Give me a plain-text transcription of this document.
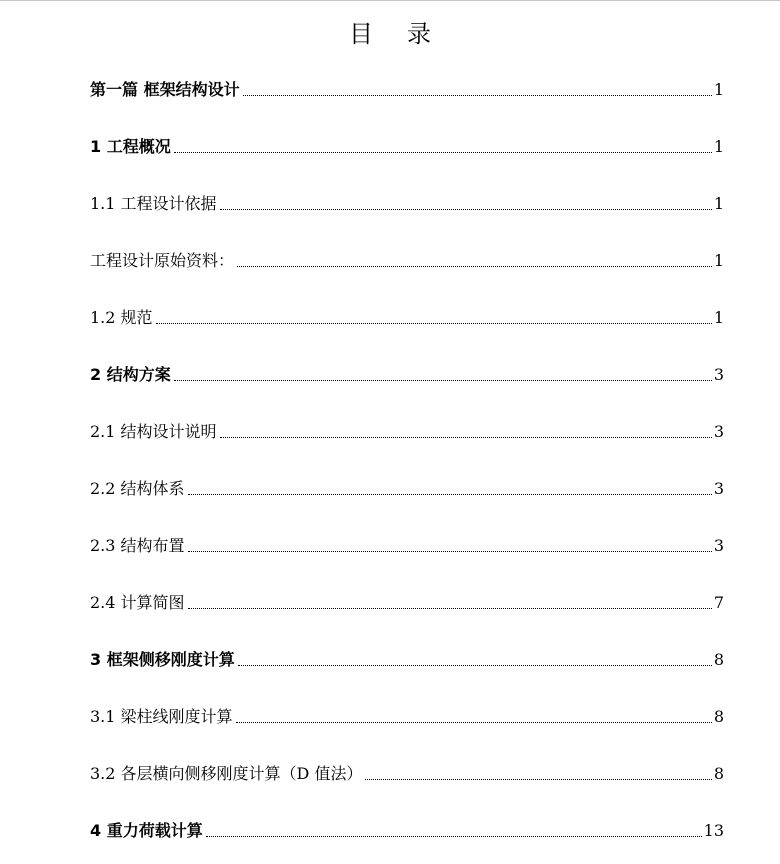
目录
第一篇 框架结构设计	1
1 工程概况	1
1.1 工程设计依据	1
工程设计原始资料：	1
1.2 规范	1
2 结构方案	3
2.1 结构设计说明	3
2.2 结构体系	3
2.3 结构布置	3
2.4 计算简图	7
3 框架侧移刚度计算	8
3.1 梁柱线刚度计算	8
3.2 各层横向侧移刚度计算（D 值法）	8
4 重力荷载计算	13
